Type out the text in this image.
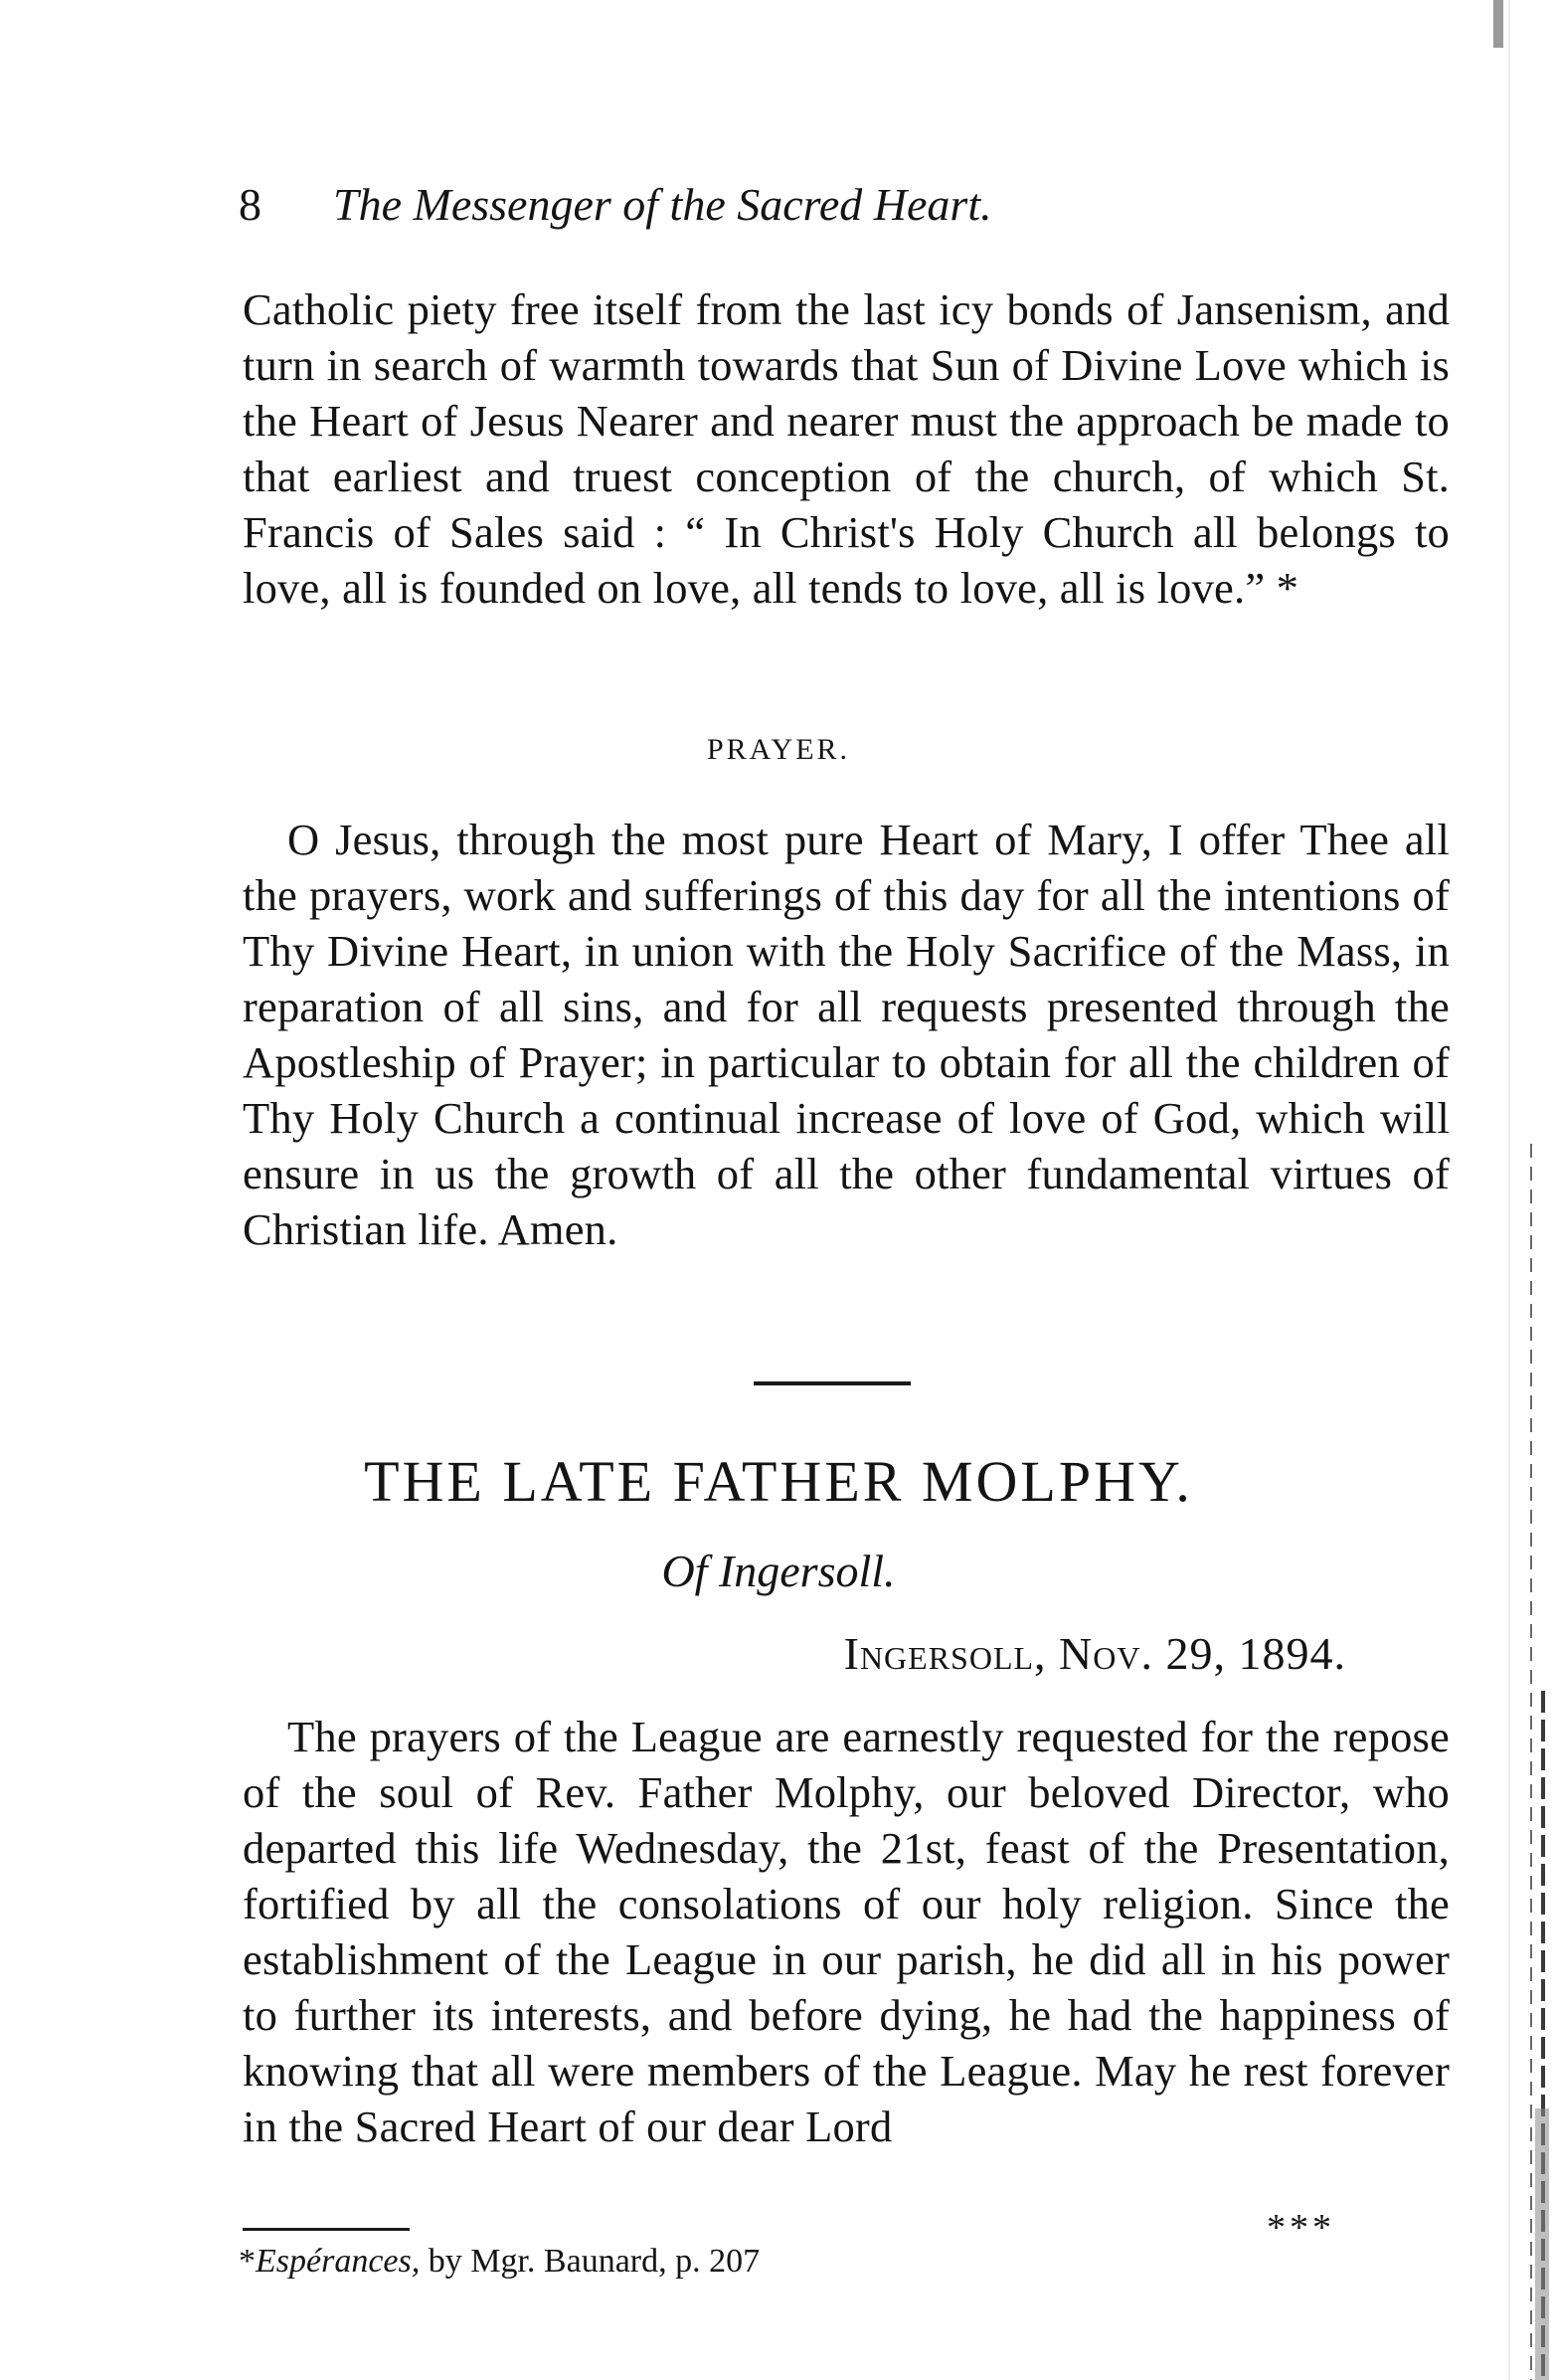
8 The Messenger of the Sacred Heart.

Catholic piety free itself from the last icy bonds of Jansenism, and turn in search of warmth towards that Sun of Divine Love which is the Heart of Jesus Nearer and nearer must the approach be made to that earliest and truest conception of the church, of which St. Francis of Sales said : “ In Christ's Holy Church all belongs to love, all is founded on love, all tends to love, all is love.” *

PRAYER.

O Jesus, through the most pure Heart of Mary, I offer Thee all the prayers, work and sufferings of this day for all the intentions of Thy Divine Heart, in union with the Holy Sacrifice of the Mass, in reparation of all sins, and for all requests presented through the Apostleship of Prayer; in particular to obtain for all the children of Thy Holy Church a continual increase of love of God, which will ensure in us the growth of all the other fundamental virtues of Christian life. Amen.

THE LATE FATHER MOLPHY.
Of Ingersoll.
Ingersoll, Nov. 29, 1894.

The prayers of the League are earnestly requested for the repose of the soul of Rev. Father Molphy, our beloved Director, who departed this life Wednesday, the 21st, feast of the Presentation, fortified by all the consolations of our holy religion. Since the establishment of the League in our parish, he did all in his power to further its interests, and before dying, he had the happiness of knowing that all were members of the League. May he rest forever in the Sacred Heart of our dear Lord

***
*Espérances, by Mgr. Baunard, p. 207
